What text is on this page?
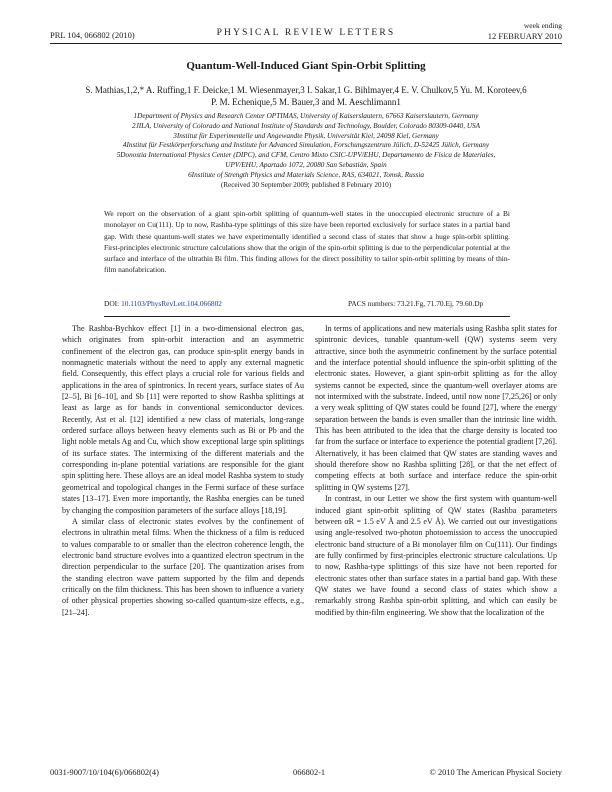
PRL 104, 066802 (2010)	PHYSICAL REVIEW LETTERS
week ending
12 FEBRUARY 2010
Quantum-Well-Induced Giant Spin-Orbit Splitting
S. Mathias,1,2,* A. Ruffing,1 F. Deicke,1 M. Wiesenmayer,3 I. Sakar,1 G. Bihlmayer,4 E. V. Chulkov,5 Yu. M. Koroteev,6
P. M. Echenique,5 M. Bauer,3 and M. Aeschlimann1
1Department of Physics and Research Center OPTIMAS, University of Kaiserslautern, 67663 Kaiserslautern, Germany
2JILA, University of Colorado and National Institute of Standards and Technology, Boulder, Colorado 80309-0440, USA
3Institut für Experimentelle und Angewandte Physik, Universität Kiel, 24098 Kiel, Germany
4Institut für Festkörperforschung and Institute for Advanced Simulation, Forschungszentrum Jülich, D-52425 Jülich, Germany
5Donostia International Physics Center (DIPC), and CFM, Centro Mixto CSIC-UPV/EHU, Departamento de Física de Materiales,
UPV/EHU, Apartado 1072, 20080 San Sebastián, Spain
6Institute of Strength Physics and Materials Science, RAS, 634021, Tomsk, Russia
(Received 30 September 2009; published 8 February 2010)
We report on the observation of a giant spin-orbit splitting of quantum-well states in the unoccupied electronic structure of a Bi monolayer on Cu(111). Up to now, Rashba-type splittings of this size have been reported exclusively for surface states in a partial band gap. With these quantum-well states we have experimentally identified a second class of states that show a huge spin-orbit splitting. First-principles electronic structure calculations show that the origin of the spin-orbit splitting is due to the perpendicular potential at the surface and interface of the ultrathin Bi film. This finding allows for the direct possibility to tailor spin-orbit splitting by means of thin-film nanofabrication.
DOI: 10.1103/PhysRevLett.104.066802	PACS numbers: 73.21.Fg, 71.70.Ej, 79.60.Dp

The Rashba-Bychkov effect [1] in a two-dimensional electron gas, which originates from spin-orbit interaction and an asymmetric confinement of the electron gas, can produce spin-split energy bands in nonmagnetic materials without the need to apply any external magnetic field. Consequently, this effect plays a crucial role for various fields and applications in the area of spintronics. In recent years, surface states of Au [2–5], Bi [6–10], and Sb [11] were reported to show Rashba splittings at least as large as for bands in conventional semiconductor devices. Recently, Ast et al. [12] identified a new class of materials, long-range ordered surface alloys between heavy elements such as Bi or Pb and the light noble metals Ag and Cu, which show exceptional large spin splittings of its surface states. The intermixing of the different materials and the corresponding in-plane potential variations are responsible for the giant spin splitting here. These alloys are an ideal model Rashba system to study geometrical and topological changes in the Fermi surface of these surface states [13–17]. Even more importantly, the Rashba energies can be tuned by changing the composition parameters of the surface alloys [18,19].

A similar class of electronic states evolves by the confinement of electrons in ultrathin metal films. When the thickness of a film is reduced to values comparable to or smaller than the electron coherence length, the electronic band structure evolves into a quantized electron spectrum in the direction perpendicular to the surface [20]. The quantization arises from the standing electron wave pattern supported by the film and depends critically on the film thickness. This has been shown to influence a variety of other physical properties showing so-called quantum-size effects, e.g., [21–24].

In terms of applications and new materials using Rashba split states for spintronic devices, tunable quantum-well (QW) systems seem very attractive, since both the asymmetric confinement by the surface potential and the interface potential should influence the spin-orbit splitting of the electronic states. However, a giant spin-orbit splitting as for the alloy systems cannot be expected, since the quantum-well overlayer atoms are not intermixed with the substrate. Indeed, until now none [7,25,26] or only a very weak splitting of QW states could be found [27], where the energy separation between the bands is even smaller than the intrinsic line width. This has been attributed to the idea that the charge density is located too far from the surface or interface to experience the potential gradient [7,26]. Alternatively, it has been claimed that QW states are standing waves and should therefore show no Rashba splitting [28], or that the net effect of competing effects at both surface and interface reduce the spin-orbit splitting in QW systems [27].

In contrast, in our Letter we show the first system with quantum-well induced giant spin-orbit splitting of QW states (Rashba parameters between αR = 1.5 eV Å and 2.5 eV Å). We carried out our investigations using angle-resolved two-photon photoemission to access the unoccupied electronic band structure of a Bi monolayer film on Cu(111). Our findings are fully confirmed by first-principles electronic structure calculations. Up to now, Rashba-type splittings of this size have not been reported for electronic states other than surface states in a partial band gap. With these QW states we have found a second class of states which show a remarkably strong Rashba spin-orbit splitting, and which can easily be modified by thin-film engineering. We show that the localization of the

0031-9007/10/104(6)/066802(4)	066802-1	© 2010 The American Physical Society
